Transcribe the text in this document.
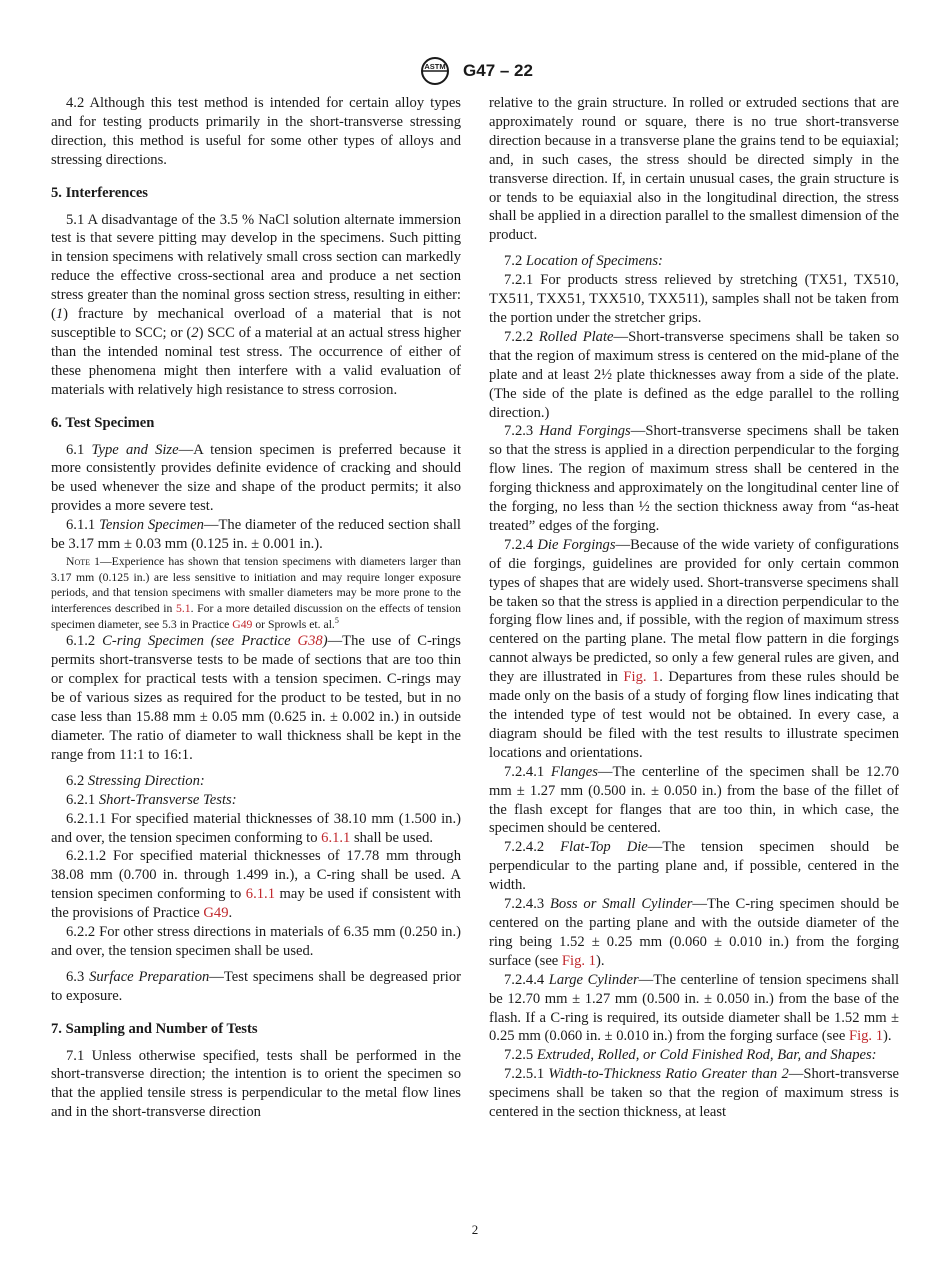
ASTM G47 – 22

4.2 Although this test method is intended for certain alloy types and for testing products primarily in the short-transverse stressing direction, this method is useful for some other types of alloys and stressing directions.

5. Interferences

5.1 A disadvantage of the 3.5 % NaCl solution alternate immersion test is that severe pitting may develop in the specimens. Such pitting in tension specimens with relatively small cross section can markedly reduce the effective cross-sectional area and produce a net section stress greater than the nominal gross section stress, resulting in either: (1) fracture by mechanical overload of a material that is not susceptible to SCC; or (2) SCC of a material at an actual stress higher than the intended nominal test stress. The occurrence of either of these phenomena might then interfere with a valid evaluation of materials with relatively high resistance to stress corrosion.

6. Test Specimen

6.1 Type and Size—A tension specimen is preferred because it more consistently provides definite evidence of cracking and should be used whenever the size and shape of the product permits; it also provides a more severe test.

6.1.1 Tension Specimen—The diameter of the reduced section shall be 3.17 mm ± 0.03 mm (0.125 in. ± 0.001 in.).

Note 1—Experience has shown that tension specimens with diameters larger than 3.17 mm (0.125 in.) are less sensitive to initiation and may require longer exposure periods, and that tension specimens with smaller diameters may be more prone to the interferences described in 5.1. For a more detailed discussion on the effects of tension specimen diameter, see 5.3 in Practice G49 or Sprowls et. al.$^5$

6.1.2 C-ring Specimen (see Practice G38)—The use of C-rings permits short-transverse tests to be made of sections that are too thin or complex for practical tests with a tension specimen. C-rings may be of various sizes as required for the product to be tested, but in no case less than 15.88 mm ± 0.05 mm (0.625 in. ± 0.002 in.) in outside diameter. The ratio of diameter to wall thickness shall be kept in the range from 11:1 to 16:1.

6.2 Stressing Direction:

6.2.1 Short-Transverse Tests:

6.2.1.1 For specified material thicknesses of 38.10 mm (1.500 in.) and over, the tension specimen conforming to 6.1.1 shall be used.

6.2.1.2 For specified material thicknesses of 17.78 mm through 38.08 mm (0.700 in. through 1.499 in.), a C-ring shall be used. A tension specimen conforming to 6.1.1 may be used if consistent with the provisions of Practice G49.

6.2.2 For other stress directions in materials of 6.35 mm (0.250 in.) and over, the tension specimen shall be used.

6.3 Surface Preparation—Test specimens shall be degreased prior to exposure.

7. Sampling and Number of Tests

7.1 Unless otherwise specified, tests shall be performed in the short-transverse direction; the intention is to orient the specimen so that the applied tensile stress is perpendicular to the metal flow lines and in the short-transverse direction

relative to the grain structure. In rolled or extruded sections that are approximately round or square, there is no true short-transverse direction because in a transverse plane the grains tend to be equiaxial; and, in such cases, the stress should be directed simply in the transverse direction. If, in certain unusual cases, the grain structure is or tends to be equiaxial also in the longitudinal direction, the stress shall be applied in a direction parallel to the smallest dimension of the product.

7.2 Location of Specimens:

7.2.1 For products stress relieved by stretching (TX51, TX510, TX511, TXX51, TXX510, TXX511), samples shall not be taken from the portion under the stretcher grips.

7.2.2 Rolled Plate—Short-transverse specimens shall be taken so that the region of maximum stress is centered on the mid-plane of the plate and at least 2½ plate thicknesses away from a side of the plate. (The side of the plate is defined as the edge parallel to the rolling direction.)

7.2.3 Hand Forgings—Short-transverse specimens shall be taken so that the stress is applied in a direction perpendicular to the forging flow lines. The region of maximum stress shall be centered in the forging thickness and approximately on the longitudinal center line of the forging, no less than ½ the section thickness away from “as-heat treated” edges of the forging.

7.2.4 Die Forgings—Because of the wide variety of configurations of die forgings, guidelines are provided for only certain common types of shapes that are widely used. Short-transverse specimens shall be taken so that the stress is applied in a direction perpendicular to the forging flow lines and, if possible, with the region of maximum stress centered on the parting plane. The metal flow pattern in die forgings cannot always be predicted, so only a few general rules are given, and they are illustrated in Fig. 1. Departures from these rules should be made only on the basis of a study of forging flow lines indicating that the intended type of test would not be obtained. In every case, a diagram should be filed with the test results to illustrate specimen locations and orientations.

7.2.4.1 Flanges—The centerline of the specimen shall be 12.70 mm ± 1.27 mm (0.500 in. ± 0.050 in.) from the base of the fillet of the flash except for flanges that are too thin, in which case, the specimen should be centered.

7.2.4.2 Flat-Top Die—The tension specimen should be perpendicular to the parting plane and, if possible, centered in the width.

7.2.4.3 Boss or Small Cylinder—The C-ring specimen should be centered on the parting plane and with the outside diameter of the ring being 1.52 ± 0.25 mm (0.060 ± 0.010 in.) from the forging surface (see Fig. 1).

7.2.4.4 Large Cylinder—The centerline of tension specimens shall be 12.70 mm ± 1.27 mm (0.500 in. ± 0.050 in.) from the base of the flash. If a C-ring is required, its outside diameter shall be 1.52 mm ± 0.25 mm (0.060 in. ± 0.010 in.) from the forging surface (see Fig. 1).

7.2.5 Extruded, Rolled, or Cold Finished Rod, Bar, and Shapes:

7.2.5.1 Width-to-Thickness Ratio Greater than 2—Short-transverse specimens shall be taken so that the region of maximum stress is centered in the section thickness, at least

2
